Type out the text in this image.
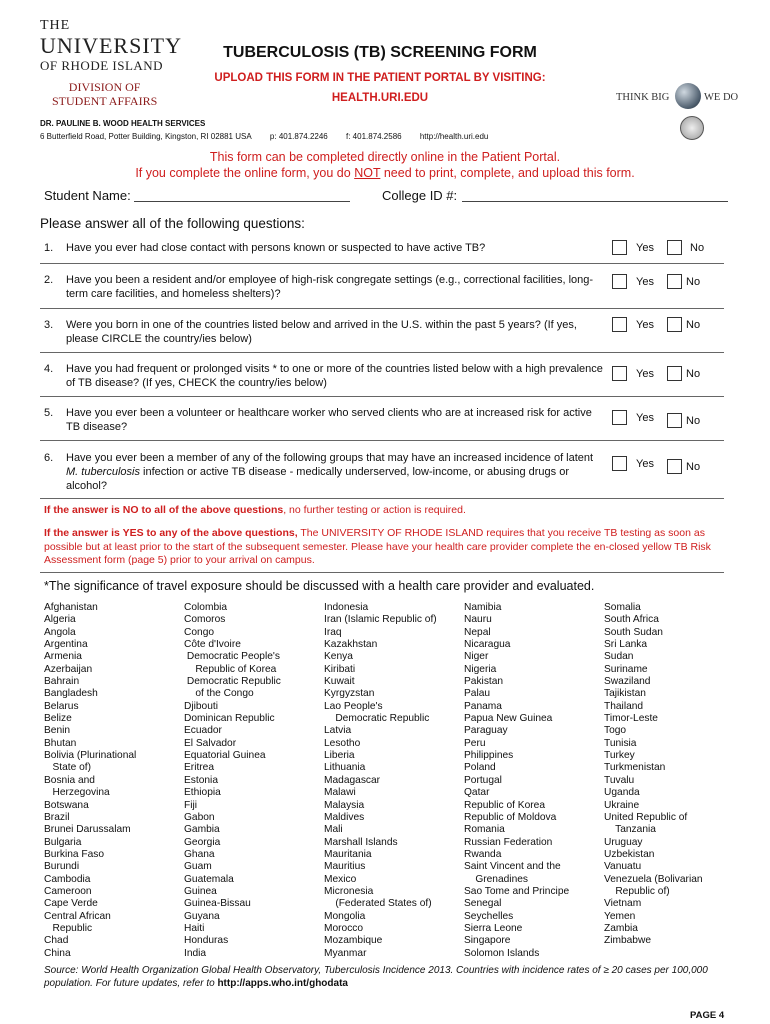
THE
UNIVERSITY
OF RHODE ISLAND
DIVISION OF
STUDENT AFFAIRS
TUBERCULOSIS (TB) SCREENING FORM
UPLOAD THIS FORM IN THE PATIENT PORTAL BY VISITING:
HEALTH.URI.EDU	THINK BIG	WE DO
DR. PAULINE B. WOOD HEALTH SERVICES
6 Butterfield Road, Potter Building, Kingston, RI 02881 USA p: 401.874.2246 f: 401.874.2586 http://health.uri.edu
This form can be completed directly online in the Patient Portal.
If you complete the online form, you do NOT need to print, complete, and upload this form.
Student Name:	College ID #:
Please answer all of the following questions:
1. Have you ever had close contact with persons known or suspected to have active TB?
2. Have you been a resident and/or employee of high-risk congregate settings (e.g., correctional facilities, long-term care facilities, and homeless shelters)?
3. Were you born in one of the countries listed below and arrived in the U.S. within the past 5 years? (If yes, please CIRCLE the country/ies below)
4. Have you had frequent or prolonged visits * to one or more of the countries listed below with a high prevalence of TB disease? (If yes, CHECK the country/ies below)
5. Have you ever been a volunteer or healthcare worker who served clients who are at increased risk for active TB disease?
6. Have you ever been a member of any of the following groups that may have an increased incidence of latent M. tuberculosis infection or active TB disease - medically underserved, low-income, or abusing drugs or alcohol?
Yes	No
Yes	No
Yes	No
Yes	No
Yes	No
Yes	No
If the answer is NO to all of the above questions, no further testing or action is required.
If the answer is YES to any of the above questions, The UNIVERSITY OF RHODE ISLAND requires that you receive TB testing as soon as possible but at least prior to the start of the subsequent semester. Please have your health care provider complete the en-closed yellow TB Risk Assessment form (page 5) prior to your arrival on campus.
*The significance of travel exposure should be discussed with a health care provider and evaluated.
Afghanistan
Algeria
Angola
Argentina
Armenia
Azerbaijan
Bahrain
Bangladesh
Belarus
Belize
Benin
Bhutan
Bolivia (Plurinational
State of)
Bosnia and
Herzegovina
Botswana
Brazil
Brunei Darussalam
Bulgaria
Burkina Faso
Burundi
Cambodia
Cameroon
Cape Verde
Central African
Republic
Chad
China
Colombia
Comoros
Congo
Côte d'Ivoire
Democratic People's
Republic of Korea
Democratic Republic
of the Congo
Djibouti
Dominican Republic
Ecuador
El Salvador
Equatorial Guinea
Eritrea
Estonia
Ethiopia
Fiji
Gabon
Gambia
Georgia
Ghana
Guam
Guatemala
Guinea
Guinea-Bissau
Guyana
Haiti
Honduras
India
Indonesia
Iran (Islamic Republic of)
Iraq
Kazakhstan
Kenya
Kiribati
Kuwait
Kyrgyzstan
Lao People's
Democratic Republic
Latvia
Lesotho
Liberia
Lithuania
Madagascar
Malawi
Malaysia
Maldives
Mali
Marshall Islands
Mauritania
Mauritius
Mexico
Micronesia
(Federated States of)
Mongolia
Morocco
Mozambique
Myanmar
Namibia
Nauru
Nepal
Nicaragua
Niger
Nigeria
Pakistan
Palau
Panama
Papua New Guinea
Paraguay
Peru
Philippines
Poland
Portugal
Qatar
Republic of Korea
Republic of Moldova
Romania
Russian Federation
Rwanda
Saint Vincent and the
Grenadines
Sao Tome and Principe
Senegal
Seychelles
Sierra Leone
Singapore
Solomon Islands
Somalia
South Africa
South Sudan
Sri Lanka
Sudan
Suriname
Swaziland
Tajikistan
Thailand
Timor-Leste
Togo
Tunisia
Turkey
Turkmenistan
Tuvalu
Uganda
Ukraine
United Republic of
Tanzania
Uruguay
Uzbekistan
Vanuatu
Venezuela (Bolivarian
Republic of)
Vietnam
Yemen
Zambia
Zimbabwe
Source: World Health Organization Global Health Observatory, Tuberculosis Incidence 2013. Countries with incidence rates of ≥ 20 cases per 100,000 population. For future updates, refer to http://apps.who.int/ghodata
PAGE 4
